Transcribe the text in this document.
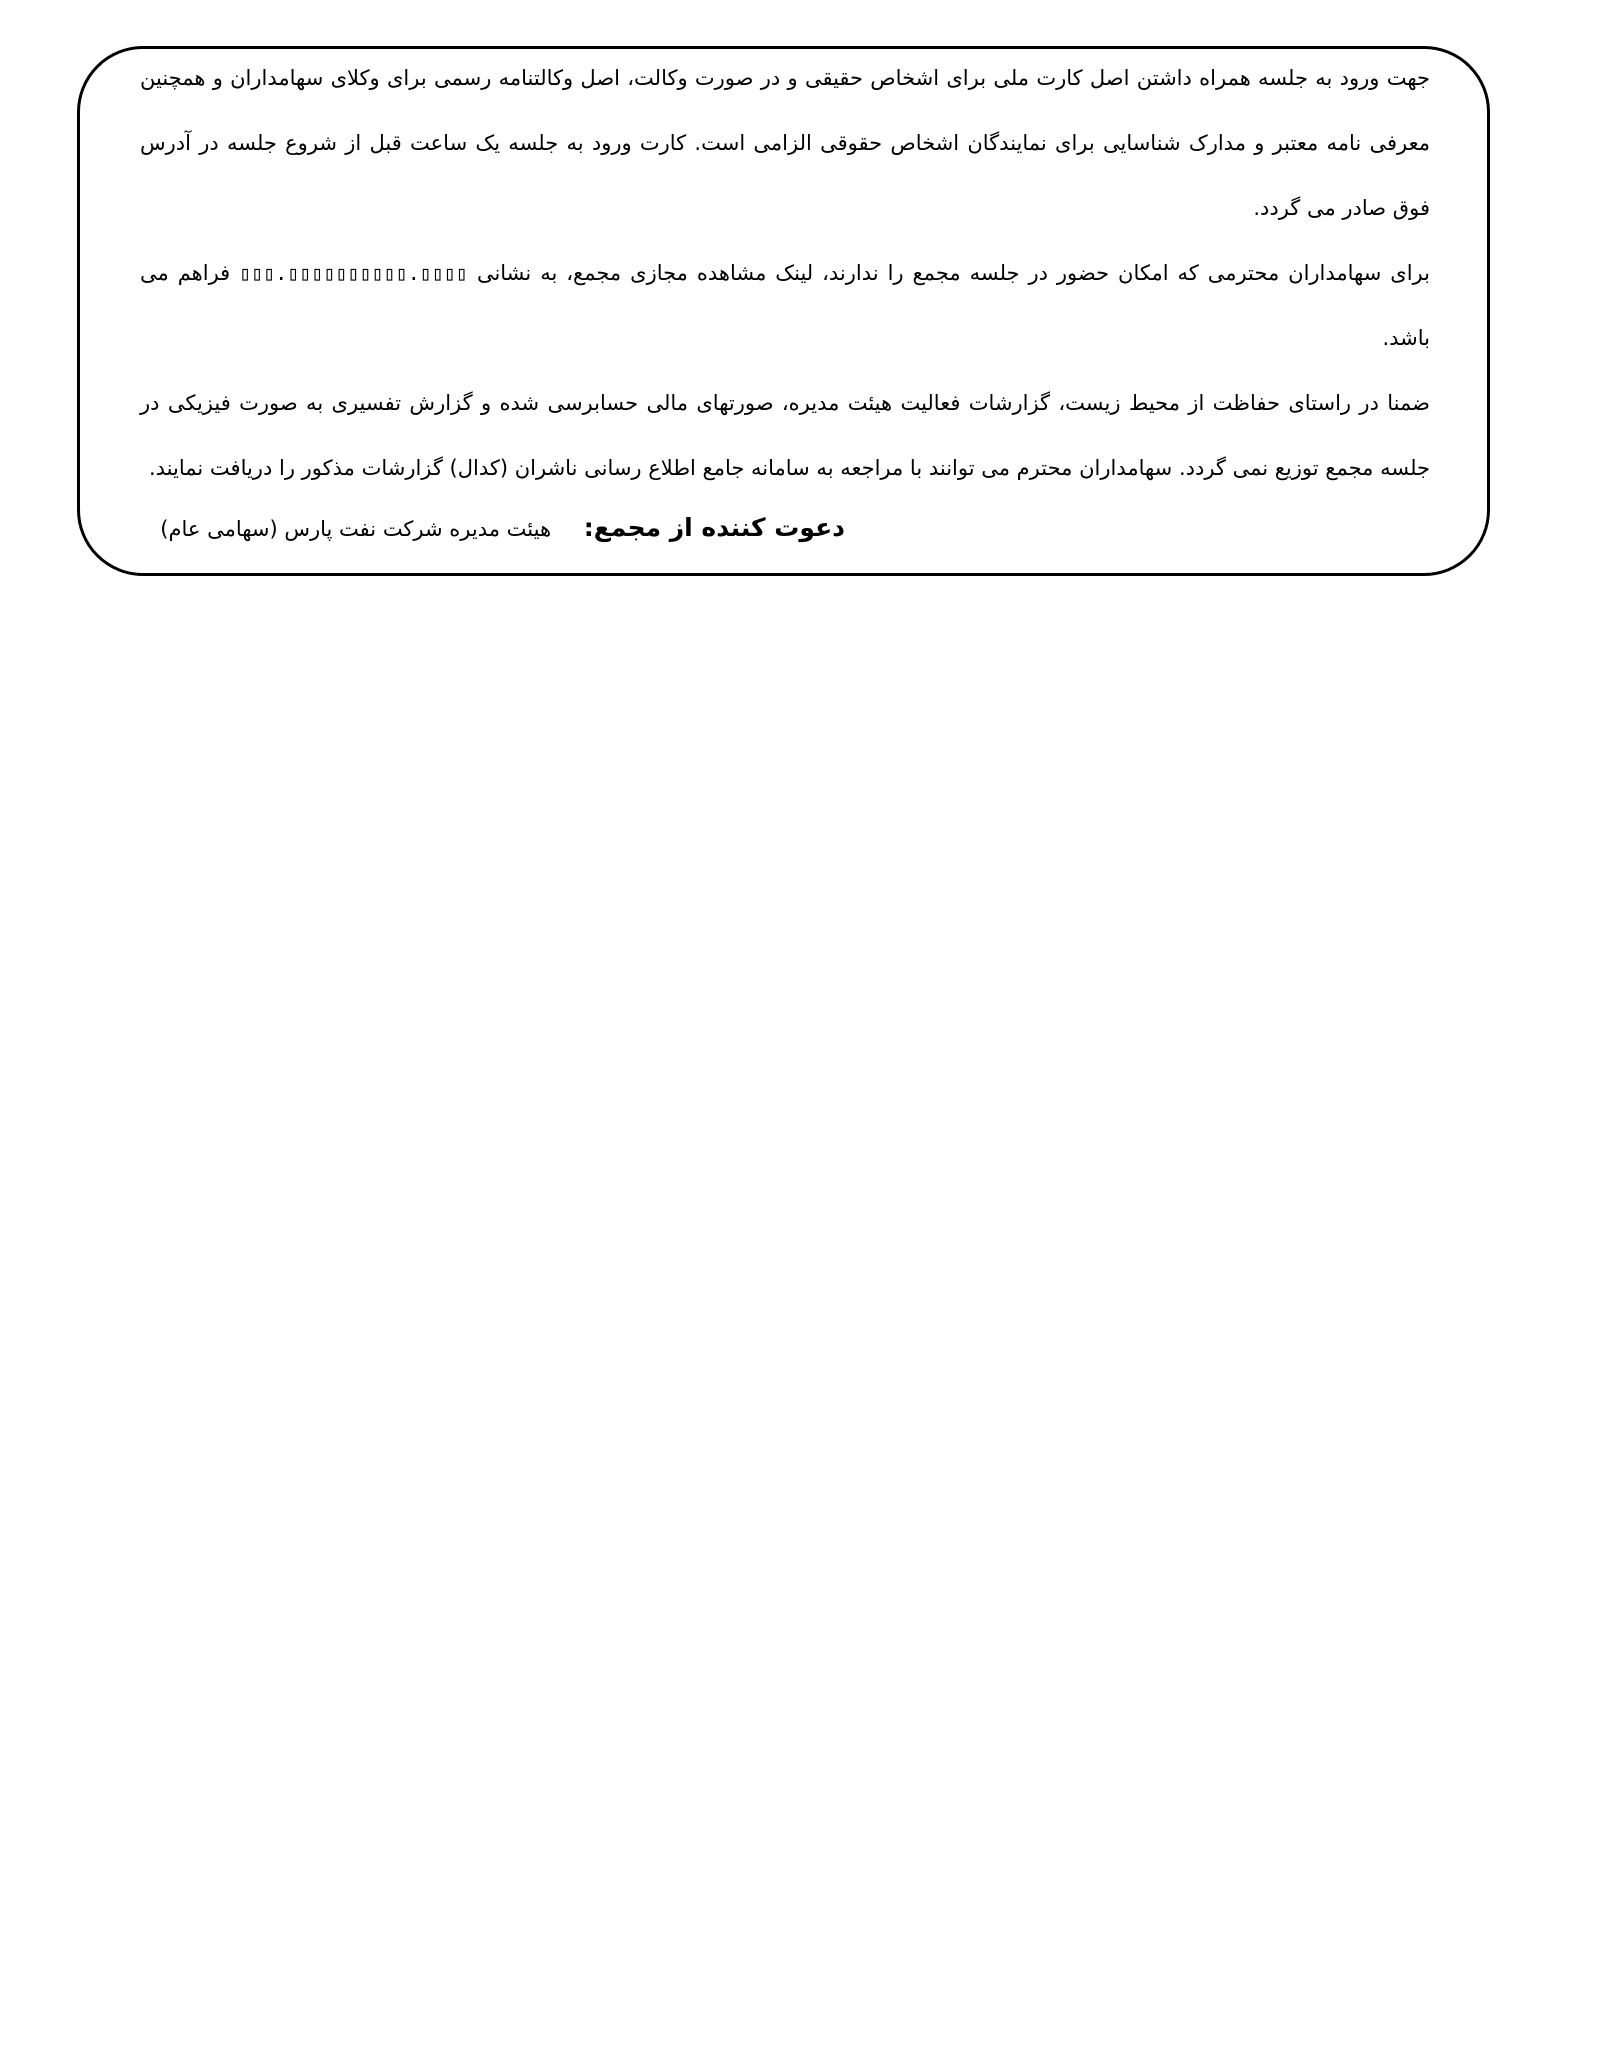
جهت ورود به جلسه همراه داشتن اصل کارت ملی برای اشخاص حقیقی و در صورت وکالت، اصل وکالتنامه رسمی برای وکلای سهامداران و همچنین معرفی نامه معتبر و مدارک شناسایی برای نمایندگان اشخاص حقوقی الزامی است. کارت ورود به جلسه یک ساعت قبل از شروع جلسه در آدرس فوق صادر می گردد.

برای سهامداران محترمی که امکان حضور در جلسه مجمع را ندارند، لینک مشاهده مجازی مجمع، به نشانی ▯▯▯.▯▯▯▯▯▯▯▯▯▯.▯▯▯▯ فراهم می باشد.

ضمنا در راستای حفاظت از محیط زیست، گزارشات فعالیت هیئت مدیره، صورتهای مالی حسابرسی شده و گزارش تفسیری به صورت فیزیکی در جلسه مجمع توزیع نمی گردد. سهامداران محترم می توانند با مراجعه به سامانه جامع اطلاع رسانی ناشران (کدال) گزارشات مذکور را دریافت نمایند.

دعوت کننده از مجمع: هیئت مدیره شرکت نفت پارس (سهامی عام)
